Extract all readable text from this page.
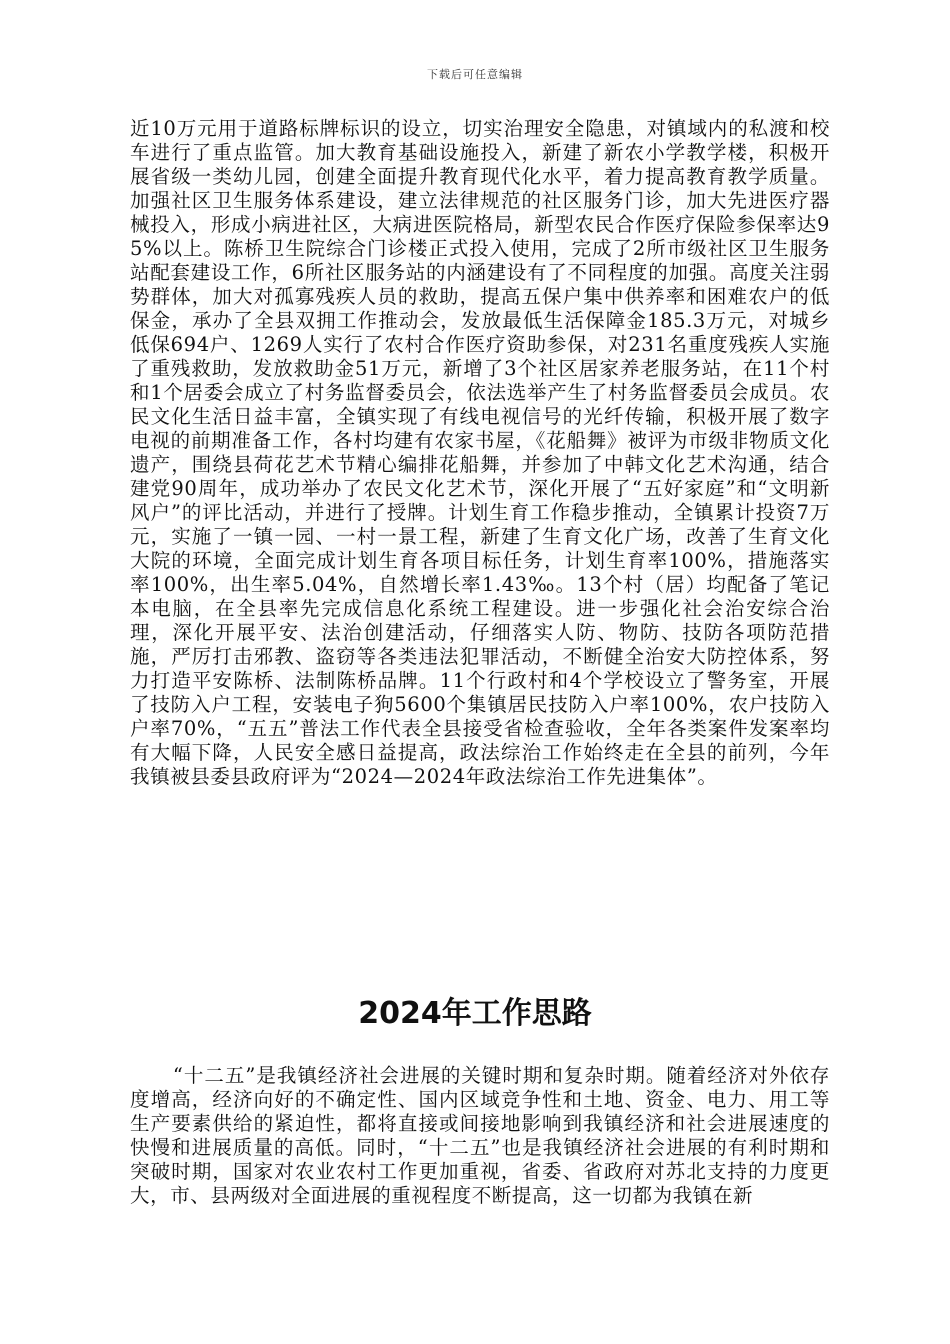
下载后可任意编辑

近10万元用于道路标牌标识的设立，切实治理安全隐患，对镇域内的私渡和校车进行了重点监管。加大教育基础设施投入，新建了新农小学教学楼，积极开展省级一类幼儿园，创建全面提升教育现代化水平，着力提高教育教学质量。加强社区卫生服务体系建设，建立法律规范的社区服务门诊，加大先进医疗器械投入，形成小病进社区，大病进医院格局，新型农民合作医疗保险参保率达95%以上。陈桥卫生院综合门诊楼正式投入使用，完成了2所市级社区卫生服务站配套建设工作，6所社区服务站的内涵建设有了不同程度的加强。高度关注弱势群体，加大对孤寡残疾人员的救助，提高五保户集中供养率和困难农户的低保金，承办了全县双拥工作推动会，发放最低生活保障金185.3万元，对城乡低保694户、1269人实行了农村合作医疗资助参保，对231名重度残疾人实施了重残救助，发放救助金51万元，新增了3个社区居家养老服务站，在11个村和1个居委会成立了村务监督委员会，依法选举产生了村务监督委员会成员。农民文化生活日益丰富，全镇实现了有线电视信号的光纤传输，积极开展了数字电视的前期准备工作，各村均建有农家书屋，《花船舞》被评为市级非物质文化遗产，围绕县荷花艺术节精心编排花船舞，并参加了中韩文化艺术沟通，结合建党90周年，成功举办了农民文化艺术节，深化开展了“五好家庭”和“文明新风户”的评比活动，并进行了授牌。计划生育工作稳步推动，全镇累计投资7万元，实施了一镇一园、一村一景工程，新建了生育文化广场，改善了生育文化大院的环境，全面完成计划生育各项目标任务，计划生育率100%，措施落实率100%，出生率5.04%，自然增长率1.43‰。13个村（居）均配备了笔记本电脑，在全县率先完成信息化系统工程建设。进一步强化社会治安综合治理，深化开展平安、法治创建活动，仔细落实人防、物防、技防各项防范措施，严厉打击邪教、盗窃等各类违法犯罪活动，不断健全治安大防控体系，努力打造平安陈桥、法制陈桥品牌。11个行政村和4个学校设立了警务室，开展了技防入户工程，安装电子狗5600个集镇居民技防入户率100%，农户技防入户率70%，“五五”普法工作代表全县接受省检查验收，全年各类案件发案率均有大幅下降，人民安全感日益提高，政法综治工作始终走在全县的前列，今年我镇被县委县政府评为“2024—2024年政法综治工作先进集体”。

2024年工作思路

“十二五”是我镇经济社会进展的关键时期和复杂时期。随着经济对外依存度增高，经济向好的不确定性、国内区域竞争性和土地、资金、电力、用工等生产要素供给的紧迫性，都将直接或间接地影响到我镇经济和社会进展速度的快慢和进展质量的高低。同时，“十二五”也是我镇经济社会进展的有利时期和突破时期，国家对农业农村工作更加重视，省委、省政府对苏北支持的力度更大，市、县两级对全面进展的重视程度不断提高，这一切都为我镇在新
